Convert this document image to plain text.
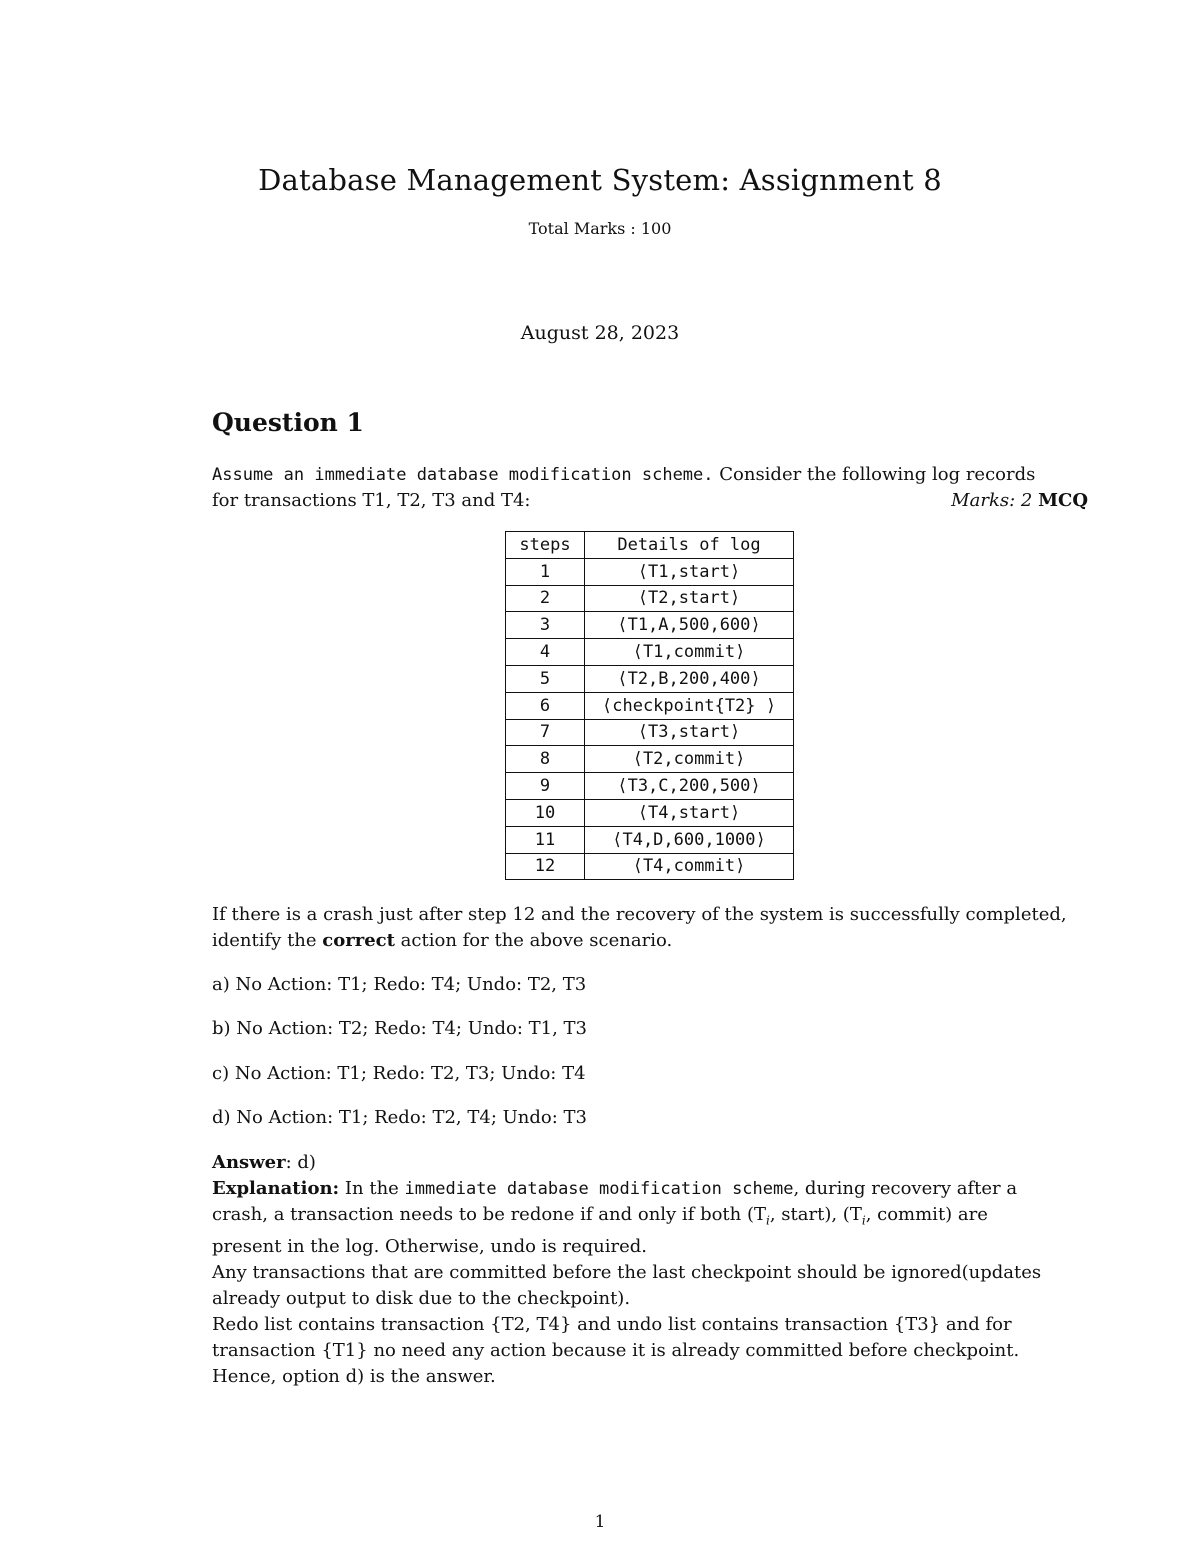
Database Management System: Assignment 8
Total Marks : 100
August 28, 2023
Question 1
Assume an immediate database modification scheme. Consider the following log records
for transactions T1, T2, T3 and T4:	Marks: 2 MCQ
steps	Details of log
1	⟨T1,start⟩
2	⟨T2,start⟩
3	⟨T1,A,500,600⟩
4	⟨T1,commit⟩
5	⟨T2,B,200,400⟩
6	⟨checkpoint{T2} ⟩
7	⟨T3,start⟩
8	⟨T2,commit⟩
9	⟨T3,C,200,500⟩
10	⟨T4,start⟩
11	⟨T4,D,600,1000⟩
12	⟨T4,commit⟩
If there is a crash just after step 12 and the recovery of the system is successfully completed,
identify the correct action for the above scenario.
a) No Action: T1; Redo: T4; Undo: T2, T3
b) No Action: T2; Redo: T4; Undo: T1, T3
c) No Action: T1; Redo: T2, T3; Undo: T4
d) No Action: T1; Redo: T2, T4; Undo: T3
Answer: d)
Explanation: In the immediate database modification scheme, during recovery after a
crash, a transaction needs to be redone if and only if both ($T_i$, start), ($T_i$, commit) are
present in the log. Otherwise, undo is required.
Any transactions that are committed before the last checkpoint should be ignored(updates
already output to disk due to the checkpoint).
Redo list contains transaction {T2, T4} and undo list contains transaction {T3} and for
transaction {T1} no need any action because it is already committed before checkpoint.
Hence, option d) is the answer.
1
